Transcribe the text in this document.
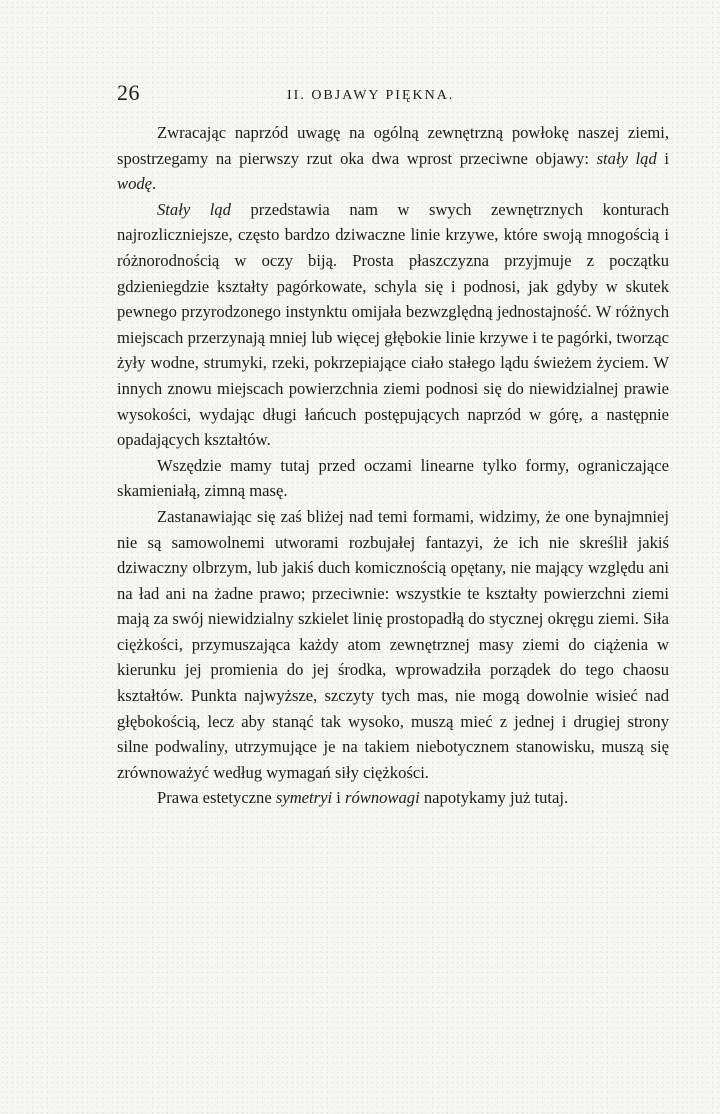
26	II. OBJAWY PIĘKNA.

Zwracając naprzód uwagę na ogólną zewnętrzną powłokę naszej ziemi, spostrzegamy na pierwszy rzut oka dwa wprost przeciwne objawy: stały ląd i wodę.

Stały ląd przedstawia nam w swych zewnętrznych konturach najrozliczniejsze, często bardzo dziwaczne linie krzywe, które swoją mnogością i różnorodnością w oczy biją. Prosta płaszczyzna przyjmuje z początku gdzieniegdzie kształty pagórkowate, schyla się i podnosi, jak gdyby w skutek pewnego przyrodzonego instynktu omijała bezwzględną jednostajność. W różnych miejscach przerzynają mniej lub więcej głębokie linie krzywe i te pagórki, tworząc żyły wodne, strumyki, rzeki, pokrzepiające ciało stałego lądu świeżem życiem. W innych znowu miejscach powierzchnia ziemi podnosi się do niewidzialnej prawie wysokości, wydając długi łańcuch postępujących naprzód w górę, a następnie opadających kształtów.

Wszędzie mamy tutaj przed oczami linearne tylko formy, ograniczające skamieniałą, zimną masę.

Zastanawiając się zaś bliżej nad temi formami, widzimy, że one bynajmniej nie są samowolnemi utworami rozbujałej fantazyi, że ich nie skreślił jakiś dziwaczny olbrzym, lub jakiś duch komicznością opętany, nie mający względu ani na ład ani na żadne prawo; przeciwnie: wszystkie te kształty powierzchni ziemi mają za swój niewidzialny szkielet linię prostopadłą do stycznej okręgu ziemi. Siła ciężkości, przymuszająca każdy atom zewnętrznej masy ziemi do ciążenia w kierunku jej promienia do jej środka, wprowadziła porządek do tego chaosu kształtów. Punkta najwyższe, szczyty tych mas, nie mogą dowolnie wisieć nad głębokością, lecz aby stanąć tak wysoko, muszą mieć z jednej i drugiej strony silne podwaliny, utrzymujące je na takiem niebotycznem stanowisku, muszą się zrównoważyć według wymagań siły ciężkości.

Prawa estetyczne symetryi i równowagi napotykamy już tutaj.
